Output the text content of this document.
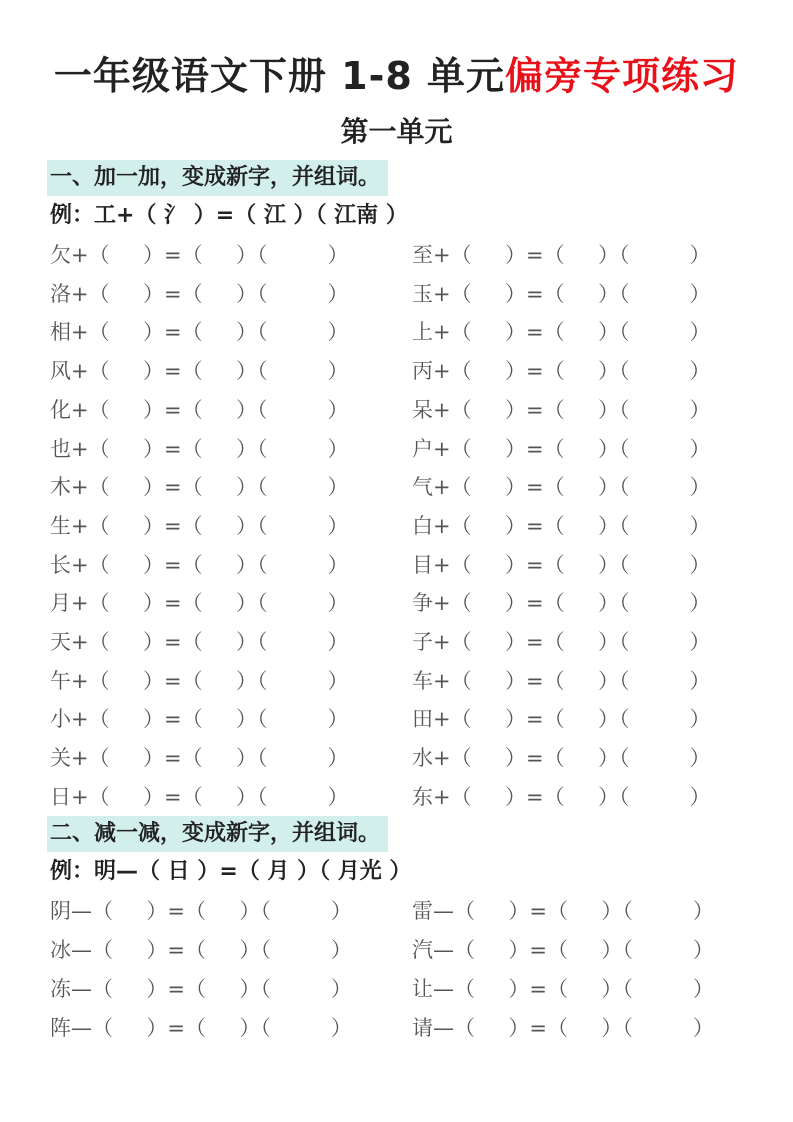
一年级语文下册 1-8 单元偏旁专项练习
第一单元
一、加一加，变成新字，并组词。
例：工+（ 氵 ）=（ 江 ）（ 江南 ）
欠+（     ）=（     ）（         ）
洛+（     ）=（     ）（         ）
相+（     ）=（     ）（         ）
风+（     ）=（     ）（         ）
化+（     ）=（     ）（         ）
也+（     ）=（     ）（         ）
木+（     ）=（     ）（         ）
生+（     ）=（     ）（         ）
长+（     ）=（     ）（         ）
月+（     ）=（     ）（         ）
天+（     ）=（     ）（         ）
午+（     ）=（     ）（         ）
小+（     ）=（     ）（         ）
关+（     ）=（     ）（         ）
日+（     ）=（     ）（         ）
至+（     ）=（     ）（         ）
玉+（     ）=（     ）（         ）
上+（     ）=（     ）（         ）
丙+（     ）=（     ）（         ）
呆+（     ）=（     ）（         ）
户+（     ）=（     ）（         ）
气+（     ）=（     ）（         ）
白+（     ）=（     ）（         ）
目+（     ）=（     ）（         ）
争+（     ）=（     ）（         ）
子+（     ）=（     ）（         ）
车+（     ）=（     ）（         ）
田+（     ）=（     ）（         ）
水+（     ）=（     ）（         ）
东+（     ）=（     ）（         ）
二、减一减，变成新字，并组词。
例：明—（ 日 ）=（ 月 ）（ 月光 ）
阴—（     ）=（     ）（         ）
冰—（     ）=（     ）（         ）
冻—（     ）=（     ）（         ）
阵—（     ）=（     ）（         ）
雷—（     ）=（     ）（         ）
汽—（     ）=（     ）（         ）
让—（     ）=（     ）（         ）
请—（     ）=（     ）（         ）
